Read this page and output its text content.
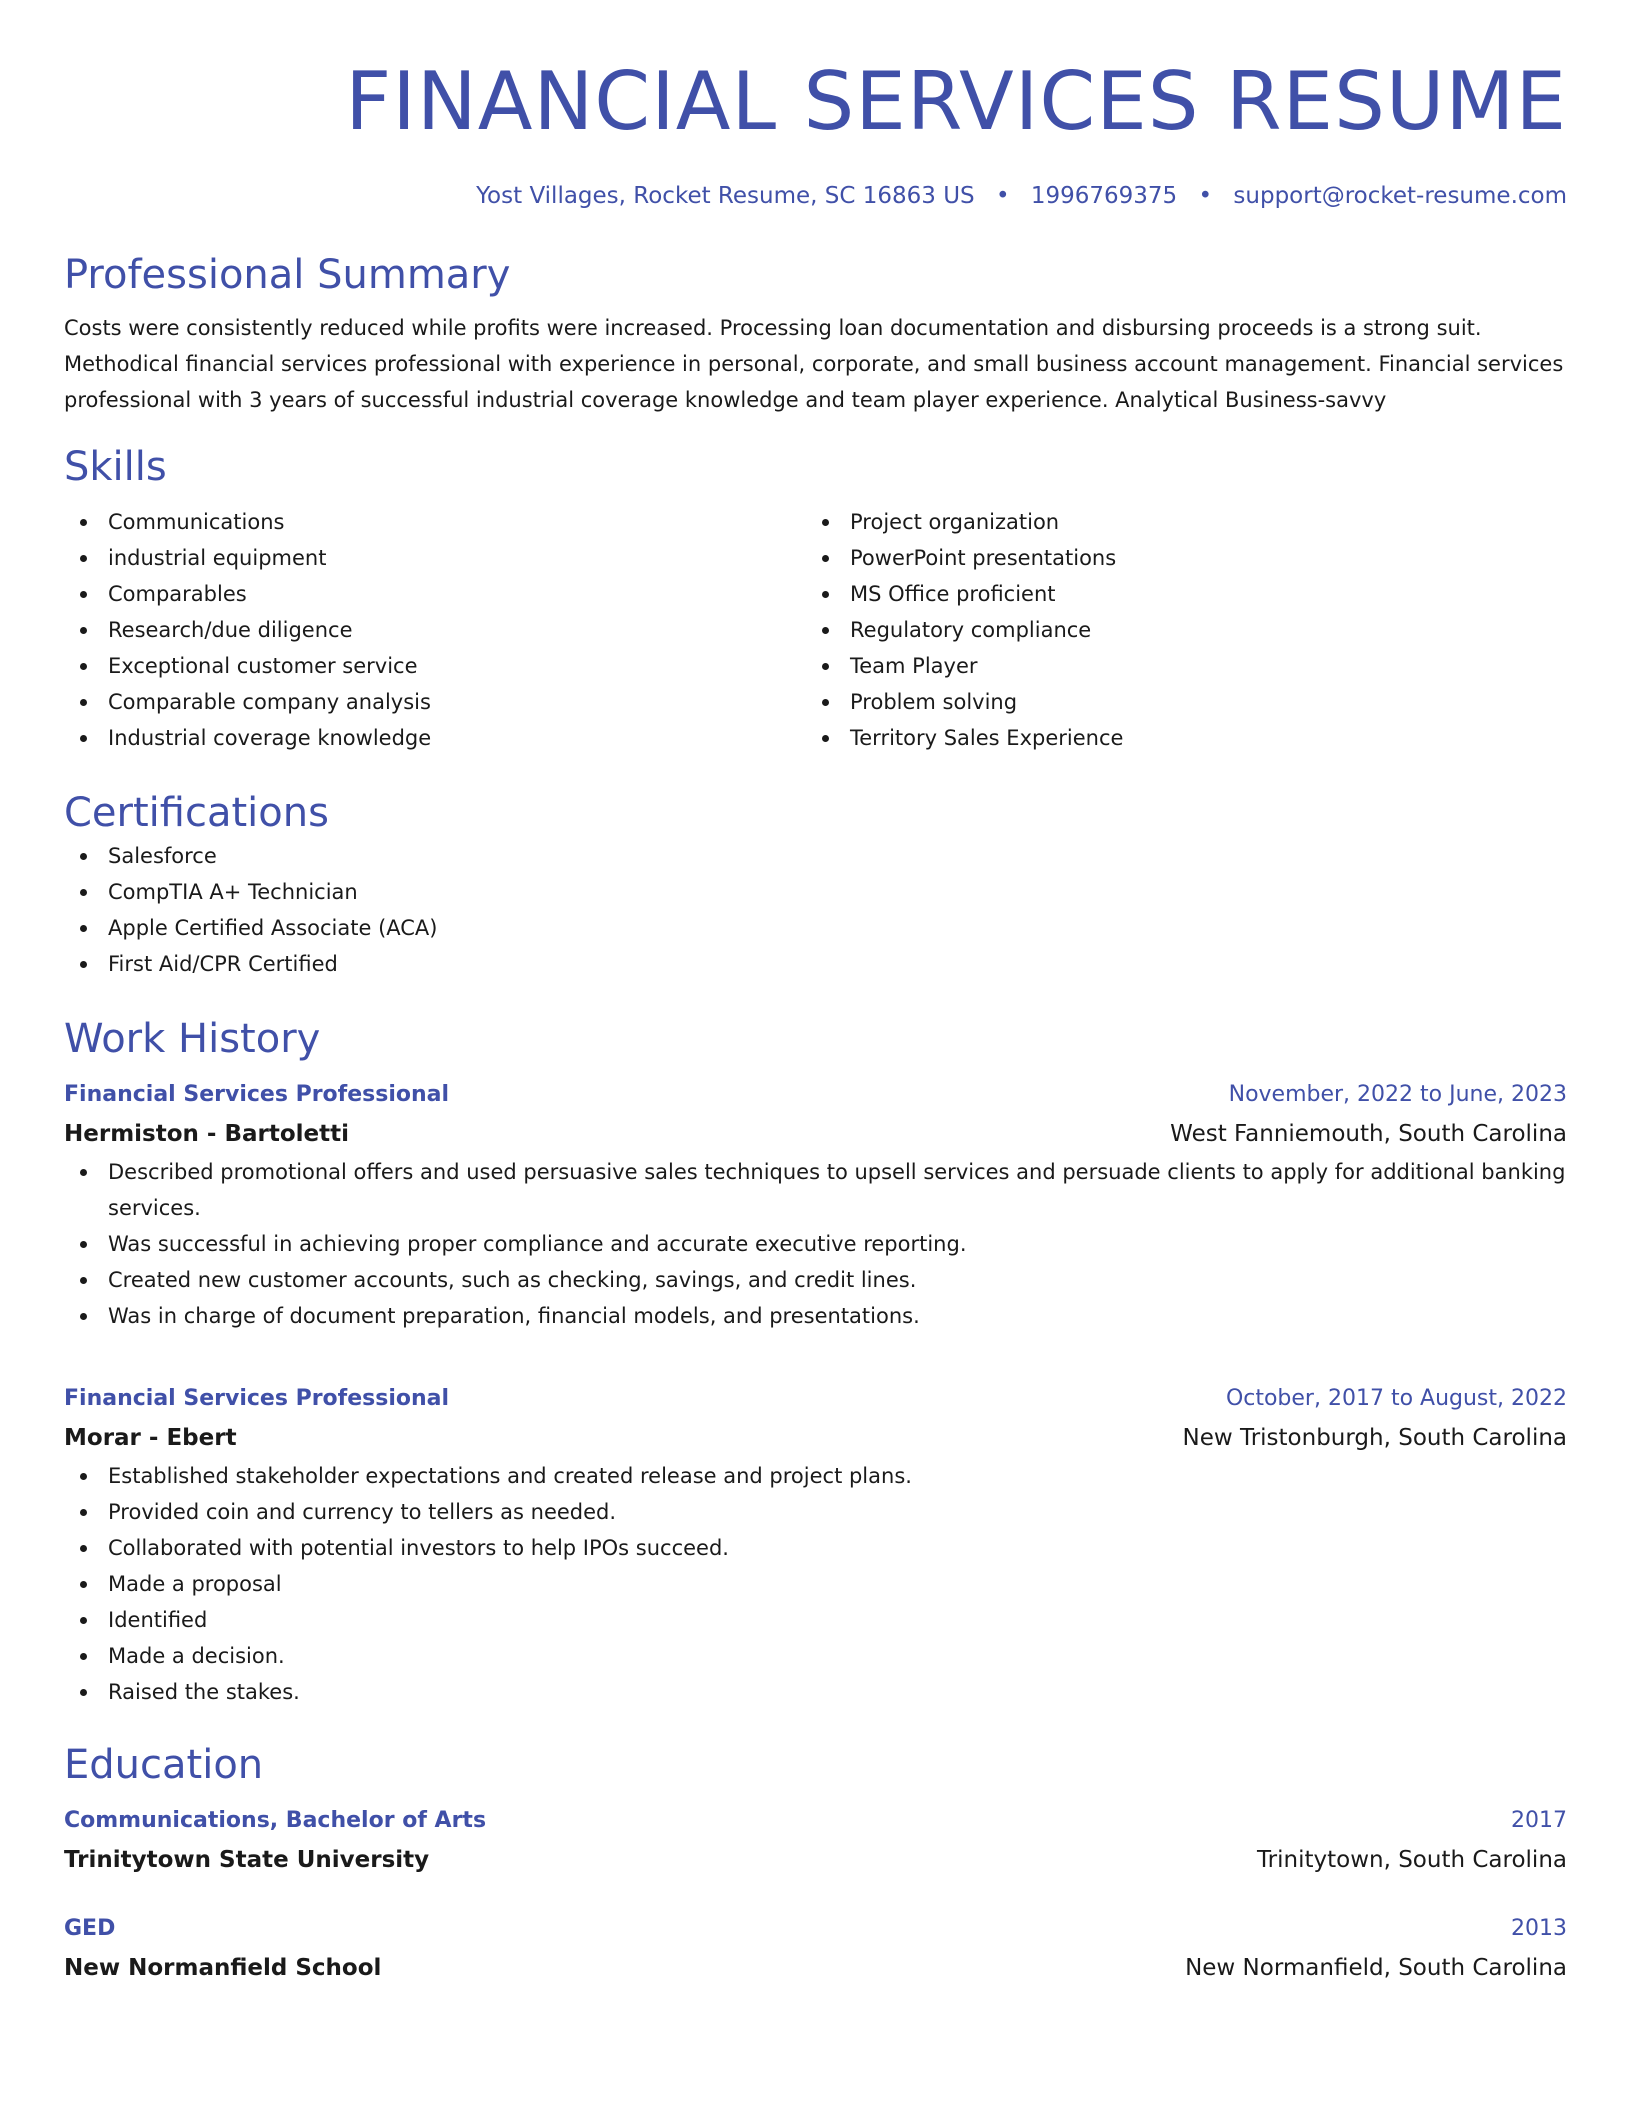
FINANCIAL SERVICES RESUME
Yost Villages, Rocket Resume, SC 16863 US • 1996769375 • support@rocket-resume.com
Professional Summary
Costs were consistently reduced while profits were increased. Processing loan documentation and disbursing proceeds is a strong suit. Methodical financial services professional with experience in personal, corporate, and small business account management. Financial services professional with 3 years of successful industrial coverage knowledge and team player experience. Analytical Business-savvy
Skills
Communications
industrial equipment
Comparables
Research/due diligence
Exceptional customer service
Comparable company analysis
Industrial coverage knowledge
Project organization
PowerPoint presentations
MS Office proficient
Regulatory compliance
Team Player
Problem solving
Territory Sales Experience
Certifications
Salesforce
CompTIA A+ Technician
Apple Certified Associate (ACA)
First Aid/CPR Certified
Work History
Financial Services Professional	November, 2022 to June, 2023
Hermiston - Bartoletti	West Fanniemouth, South Carolina
Described promotional offers and used persuasive sales techniques to upsell services and persuade clients to apply for additional banking services.
Was successful in achieving proper compliance and accurate executive reporting.
Created new customer accounts, such as checking, savings, and credit lines.
Was in charge of document preparation, financial models, and presentations.
Financial Services Professional	October, 2017 to August, 2022
Morar - Ebert	New Tristonburgh, South Carolina
Established stakeholder expectations and created release and project plans.
Provided coin and currency to tellers as needed.
Collaborated with potential investors to help IPOs succeed.
Made a proposal
Identified
Made a decision.
Raised the stakes.
Education
Communications, Bachelor of Arts	2017
Trinitytown State University	Trinitytown, South Carolina
GED	2013
New Normanfield School	New Normanfield, South Carolina
